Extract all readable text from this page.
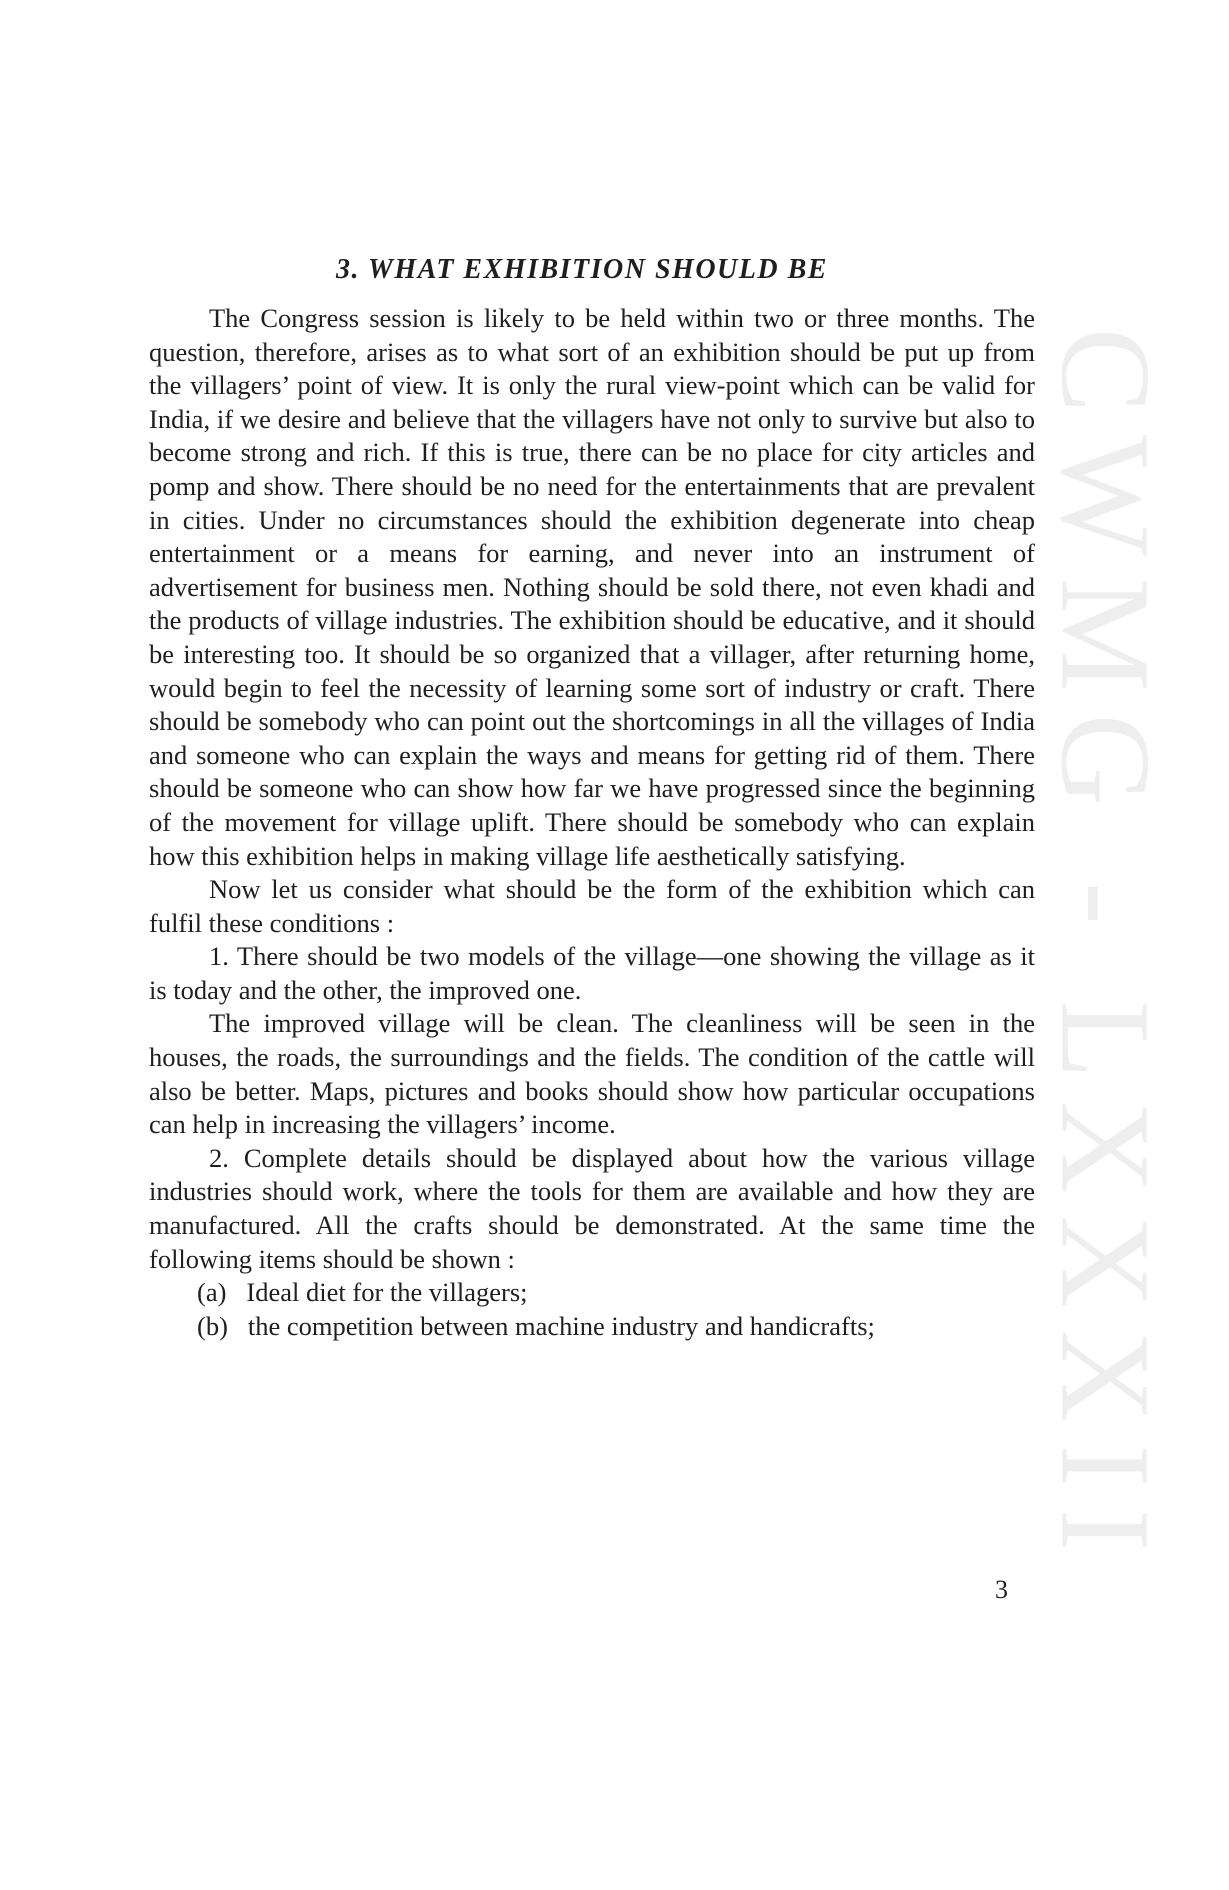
CWMG - LXXXII
3. WHAT EXHIBITION SHOULD BE

The Congress session is likely to be held within two or three months. The question, therefore, arises as to what sort of an exhibition should be put up from the villagers’ point of view. It is only the rural view-point which can be valid for India, if we desire and believe that the villagers have not only to survive but also to become strong and rich. If this is true, there can be no place for city articles and pomp and show. There should be no need for the entertainments that are prevalent in cities. Under no circumstances should the exhibition degenerate into cheap entertainment or a means for earning, and never into an instrument of advertisement for business men. Nothing should be sold there, not even khadi and the products of village industries. The exhibition should be educative, and it should be interesting too. It should be so organized that a villager, after returning home, would begin to feel the necessity of learning some sort of industry or craft. There should be somebody who can point out the shortcomings in all the villages of India and someone who can explain the ways and means for getting rid of them. There should be someone who can show how far we have progressed since the beginning of the movement for village uplift. There should be somebody who can explain how this exhibition helps in making village life aesthetically satisfying.

Now let us consider what should be the form of the exhibition which can fulfil these conditions :

1. There should be two models of the village—one showing the village as it is today and the other, the improved one.

The improved village will be clean. The cleanliness will be seen in the houses, the roads, the surroundings and the fields. The condition of the cattle will also be better. Maps, pictures and books should show how particular occupations can help in increasing the villagers’ income.

2. Complete details should be displayed about how the various village industries should work, where the tools for them are available and how they are manufactured. All the crafts should be demonstrated. At the same time the following items should be shown :

(a) Ideal diet for the villagers;

(b) the competition between machine industry and handicrafts;

3
